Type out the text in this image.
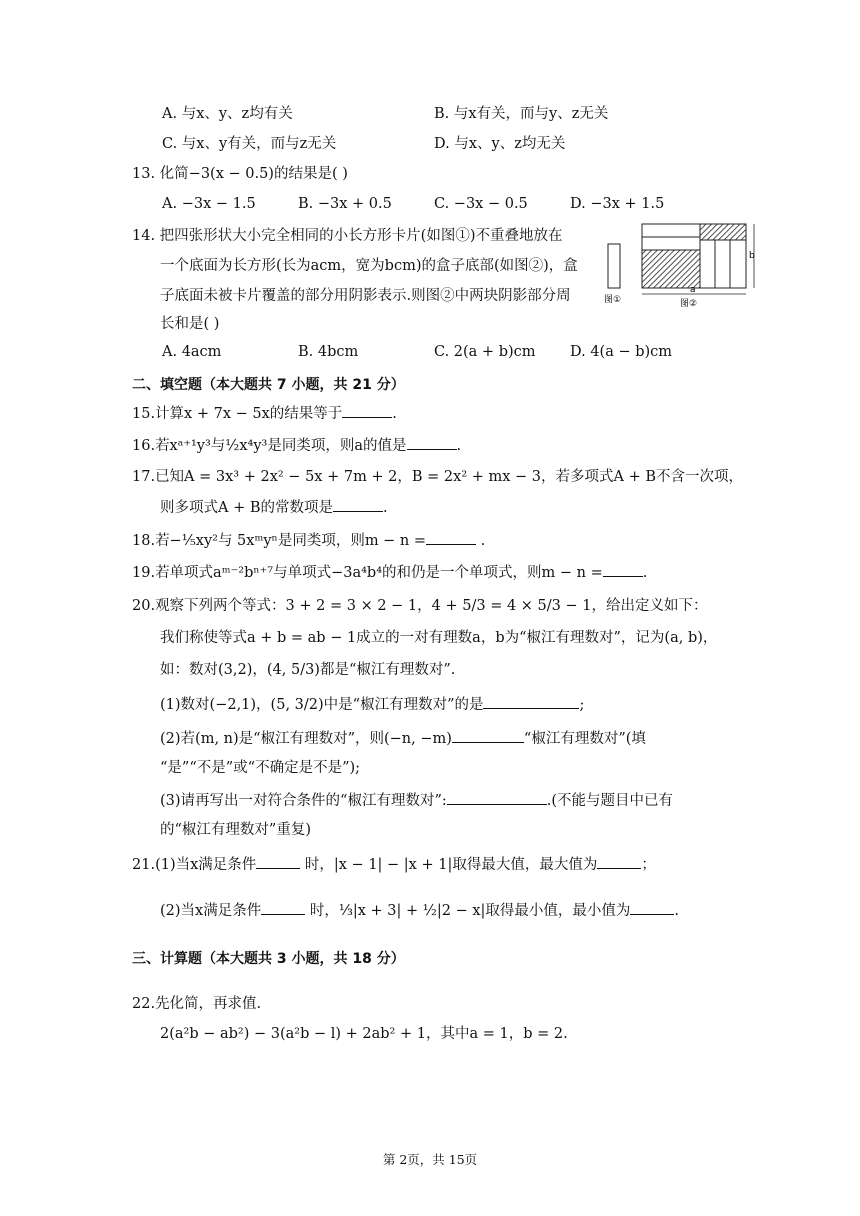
A. 与x、y、z均有关	B. 与x有关，而与y、z无关
C. 与x、y有关，而与z无关	D. 与x、y、z均无关
13. 化简−3(x − 0.5)的结果是( )
A. −3x − 1.5	B. −3x + 0.5	C. −3x − 0.5	D. −3x + 1.5
14. 把四张形状大小完全相同的小长方形卡片(如图①)不重叠地放在
一个底面为长方形(长为acm，宽为bcm)的盒子底部(如图②)，盒
子底面未被卡片覆盖的部分用阴影表示.则图②中两块阴影部分周
长和是( )
图①
b
a
图②
A. 4acm	B. 4bcm	C. 2(a + b)cm D. 4(a − b)cm
二、填空题（本大题共 7 小题，共 21 分）
15.计算x + 7x − 5x的结果等于	.
16.若xᵃ⁺¹y³与½x⁴y³是同类项，则a的值是	.
17.已知A = 3x³ + 2x² − 5x + 7m + 2，B = 2x² + mx − 3，若多项式A + B不含一次项，
则多项式A + B的常数项是	.
18.若−⅕xy²与 5xᵐyⁿ是同类项，则m − n =	.
19.若单项式aᵐ⁻²bⁿ⁺⁷与单项式−3a⁴b⁴的和仍是一个单项式，则m − n =	.
20.观察下列两个等式：3 + 2 = 3 × 2 − 1，4 + 5/3 = 4 × 5/3 − 1，给出定义如下：
我们称使等式a + b = ab − 1成立的一对有理数a，b为“椒江有理数对”，记为(a, b)，
如：数对(3,2)，(4, 5/3)都是“椒江有理数对”.
(1)数对(−2,1)，(5, 3/2)中是“椒江有理数对”的是	;
(2)若(m, n)是“椒江有理数对”，则(−n, −m)	“椒江有理数对”(填
“是”“不是”或“不确定是不是”);
(3)请再写出一对符合条件的“椒江有理数对”:	.(不能与题目中已有
的“椒江有理数对”重复)
21.(1)当x满足条件	时，|x − 1| − |x + 1|取得最大值，最大值为	；
(2)当x满足条件	时，⅓|x + 3| + ½|2 − x|取得最小值，最小值为	.
三、计算题（本大题共 3 小题，共 18 分）
22.先化简，再求值.
2(a²b − ab²) − 3(a²b − l) + 2ab² + 1，其中a = 1，b = 2.
第 2页，共 15页
